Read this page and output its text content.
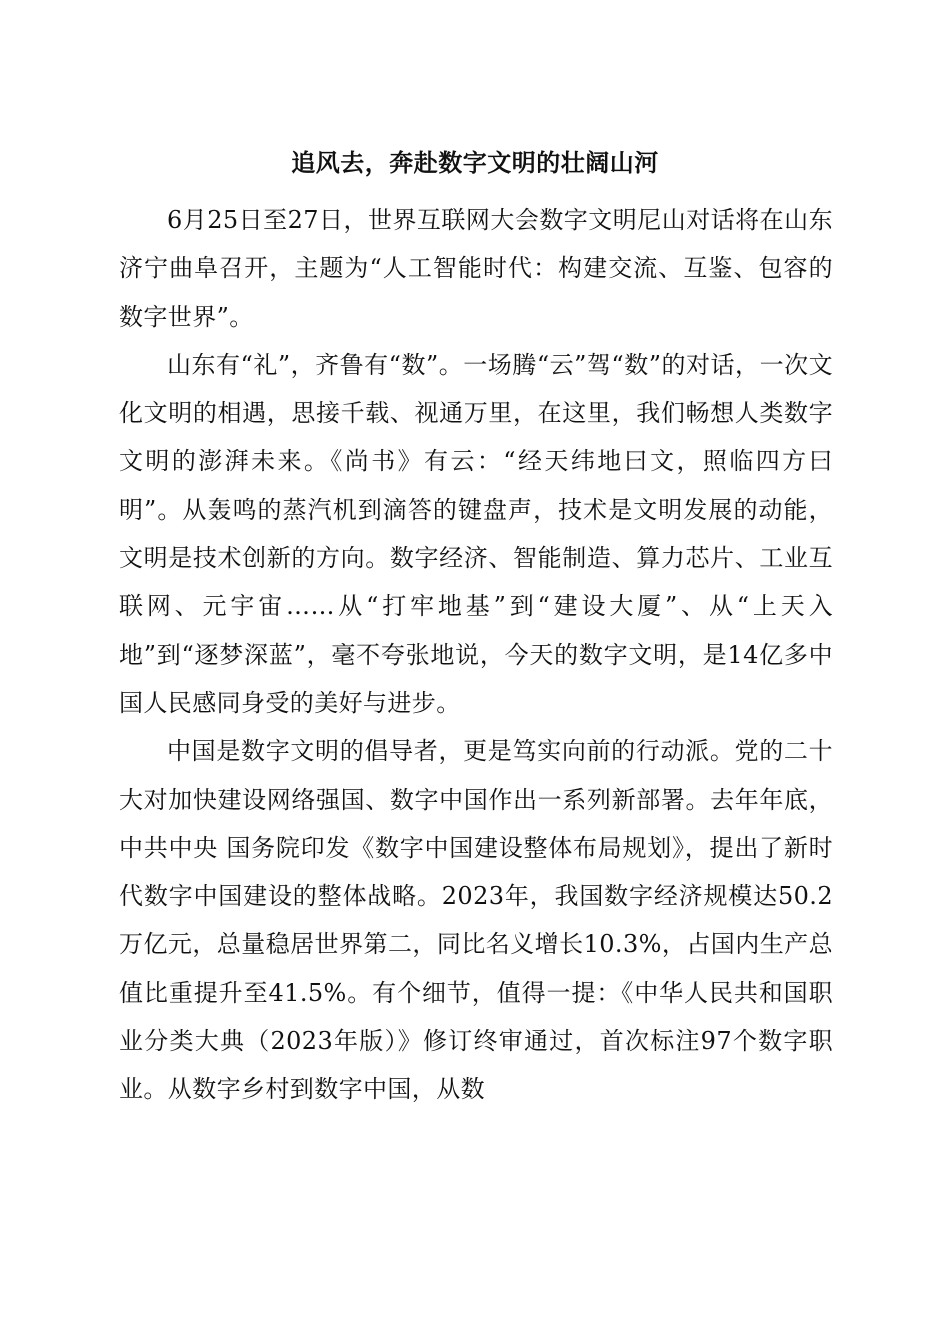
追风去，奔赴数字文明的壮阔山河

6月25日至27日，世界互联网大会数字文明尼山对话将在山东济宁曲阜召开，主题为“人工智能时代：构建交流、互鉴、包容的数字世界”。

山东有“礼”，齐鲁有“数”。一场腾“云”驾“数”的对话，一次文化文明的相遇，思接千载、视通万里，在这里，我们畅想人类数字文明的澎湃未来。《尚书》有云：“经天纬地曰文，照临四方曰明”。从轰鸣的蒸汽机到滴答的键盘声，技术是文明发展的动能，文明是技术创新的方向。数字经济、智能制造、算力芯片、工业互联网、元宇宙……从“打牢地基”到“建设大厦”、从“上天入地”到“逐梦深蓝”，毫不夸张地说，今天的数字文明，是14亿多中国人民感同身受的美好与进步。

中国是数字文明的倡导者，更是笃实向前的行动派。党的二十大对加快建设网络强国、数字中国作出一系列新部署。去年年底，中共中央 国务院印发《数字中国建设整体布局规划》，提出了新时代数字中国建设的整体战略。2023年，我国数字经济规模达50.2万亿元，总量稳居世界第二，同比名义增长10.3%，占国内生产总值比重提升至41.5%。有个细节，值得一提：《中华人民共和国职业分类大典（2023年版）》修订终审通过，首次标注97个数字职业。从数字乡村到数字中国，从数
